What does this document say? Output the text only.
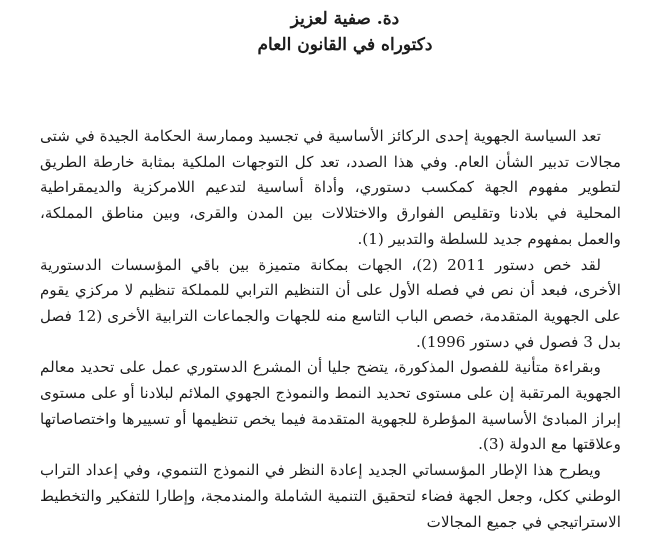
دة. صفية لعزيز
دكتوراه في القانون العام

تعد السياسة الجهوية إحدى الركائز الأساسية في تجسيد وممارسة الحكامة الجيدة في شتى مجالات تدبير الشأن العام. وفي هذا الصدد، تعد كل التوجهات الملكية بمثابة خارطة الطريق لتطوير مفهوم الجهة كمكسب دستوري، وأداة أساسية لتدعيم اللامركزية والديمقراطية المحلية في بلادنا وتقليص الفوارق والاختلالات بين المدن والقرى، وبين مناطق المملكة، والعمل بمفهوم جديد للسلطة والتدبير (1).

لقد خص دستور 2011 (2)، الجهات بمكانة متميزة بين باقي المؤسسات الدستورية الأخرى، فبعد أن نص في فصله الأول على أن التنظيم الترابي للمملكة تنظيم لا مركزي يقوم على الجهوية المتقدمة، خصص الباب التاسع منه للجهات والجماعات الترابية الأخرى (12 فصل بدل 3 فصول في دستور 1996).

وبقراءة متأنية للفصول المذكورة، يتضح جليا أن المشرع الدستوري عمل على تحديد معالم الجهوية المرتقبة إن على مستوى تحديد النمط والنموذج الجهوي الملائم لبلادنا أو على مستوى إبراز المبادئ الأساسية المؤطرة للجهوية المتقدمة فيما يخص تنظيمها أو تسييرها واختصاصاتها وعلاقتها مع الدولة (3).

ويطرح هذا الإطار المؤسساتي الجديد إعادة النظر في النموذج التنموي، وفي إعداد التراب الوطني ككل، وجعل الجهة فضاء لتحقيق التنمية الشاملة والمندمجة، وإطارا للتفكير والتخطيط الاستراتيجي في جميع المجالات
